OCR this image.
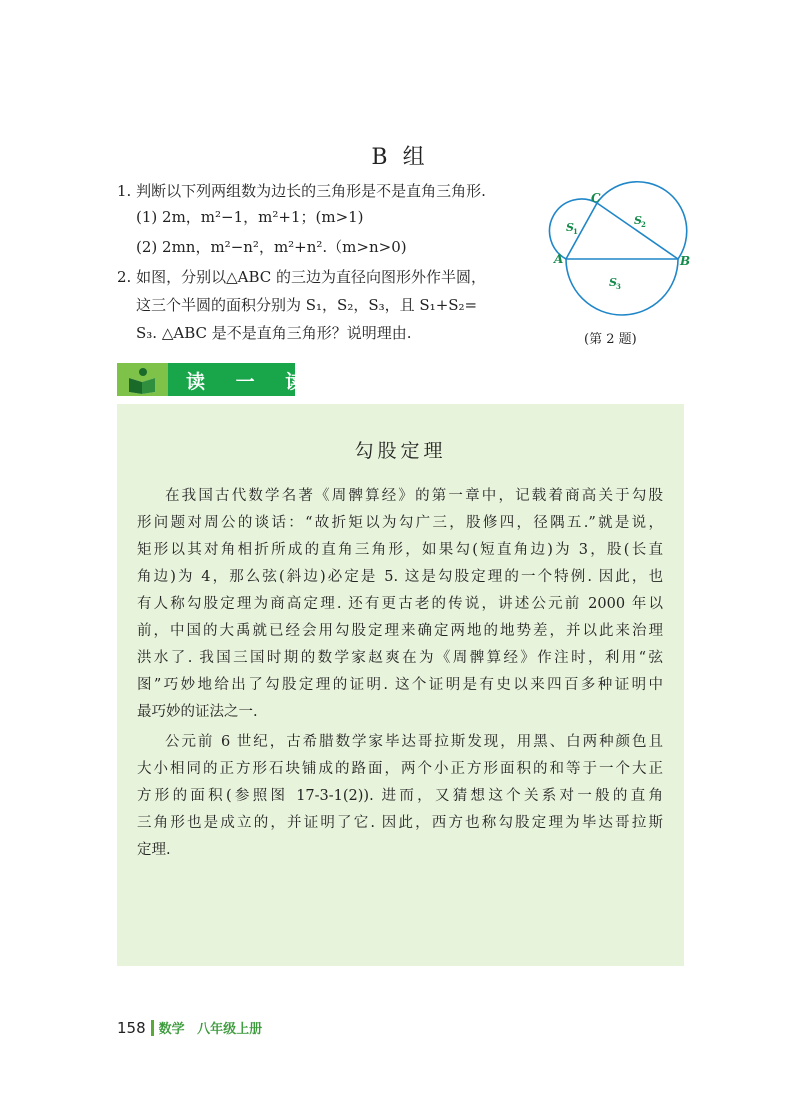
B 组
1. 判断以下列两组数为边长的三角形是不是直角三角形.
(1) 2m，m²−1，m²+1；(m>1)
(2) 2mn，m²−n²，m²+n².（m>n>0)
2. 如图，分别以△ABC 的三边为直径向图形外作半圆，
这三个半圆的面积分别为 S₁，S₂，S₃，且 S₁+S₂=
S₃. △ABC 是不是直角三角形？说明理由.
A	B
C
S 1
S 2
S 3
(第 2 题)
读 一 读
勾股定理
在我国古代数学名著《周髀算经》的第一章中，记载着商高关于勾股
形问题对周公的谈话：“故折矩以为勾广三，股修四，径隅五.”就是说，
矩形以其对角相折所成的直角三角形，如果勾(短直角边)为 3，股(长直
角边)为 4，那么弦(斜边)必定是 5. 这是勾股定理的一个特例. 因此，也
有人称勾股定理为商高定理. 还有更古老的传说，讲述公元前 2000 年以
前，中国的大禹就已经会用勾股定理来确定两地的地势差，并以此来治理
洪水了. 我国三国时期的数学家赵爽在为《周髀算经》作注时，利用“弦
图”巧妙地给出了勾股定理的证明. 这个证明是有史以来四百多种证明中
最巧妙的证法之一.
公元前 6 世纪，古希腊数学家毕达哥拉斯发现，用黑、白两种颜色且
大小相同的正方形石块铺成的路面，两个小正方形面积的和等于一个大正
方形的面积(参照图 17-3-1(2)). 进而，又猜想这个关系对一般的直角
三角形也是成立的，并证明了它. 因此，西方也称勾股定理为毕达哥拉斯
定理.
158 数学 八年级上册
